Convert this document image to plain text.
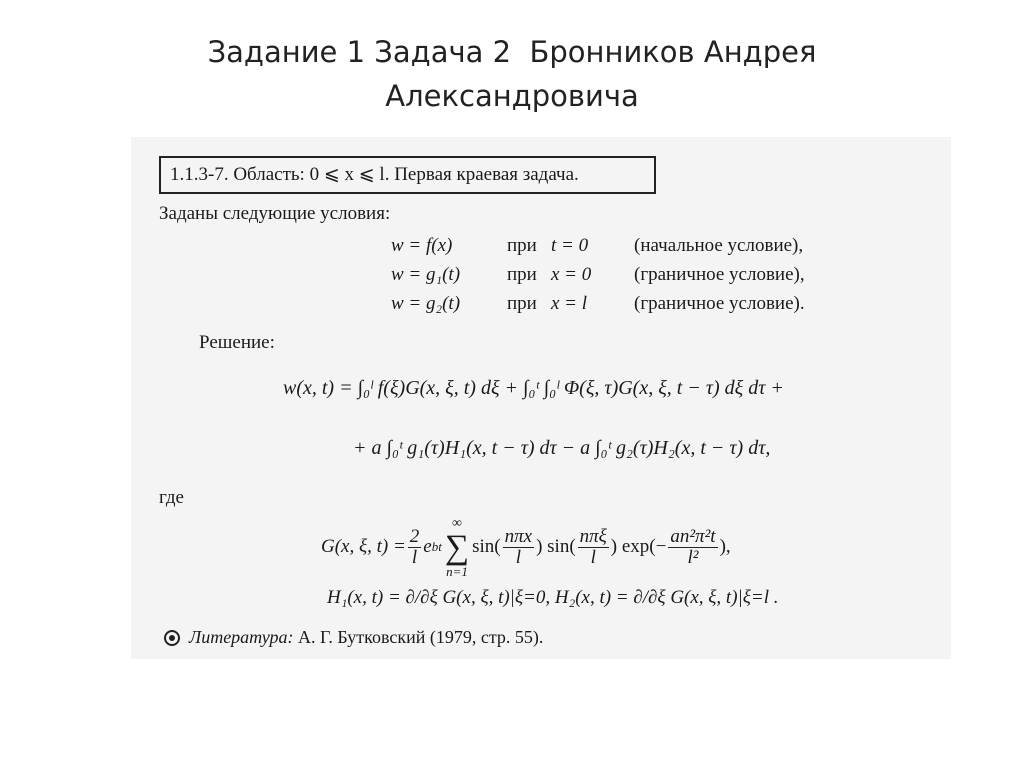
Задание 1 Задача 2  Бронников Андрея
Александровича
1.1.3-7. Область: 0 ⩽ x ⩽ l. Первая краевая задача.
Заданы следующие условия:
w = f(x)	при t = 0 (начальное условие),
w = g₁(t) при x = 0 (граничное условие),
w = g₂(t) при x = l (граничное условие).
Решение:
w(x, t) = ∫₀ˡ f(ξ)G(x, ξ, t) dξ + ∫₀ᵗ ∫₀ˡ Φ(ξ, τ)G(x, ξ, t − τ) dξ dτ +
+ a ∫₀ᵗ g₁(τ)H₁(x, t − τ) dτ − a ∫₀ᵗ g₂(τ)H₂(x, t − τ) dτ,
где
G(x, ξ, $t) = \frac{2}{l}$ e bt
∞
∑
n=1
$\sin( \frac{\text{nπx}}{l}$ ) $\sin( \frac{\text{nπξ}}{l}$ ) $\exp(- \frac{\text{an²π²t}}{\text{l²}}$ ),
H₁(x, t) = ∂/∂ξ G(x, ξ, t)|ξ=0, H₂(x, t) = ∂/∂ξ G(x, ξ, t)|ξ=l .
Литература: А. Г. Бутковский (1979, стр. 55).
